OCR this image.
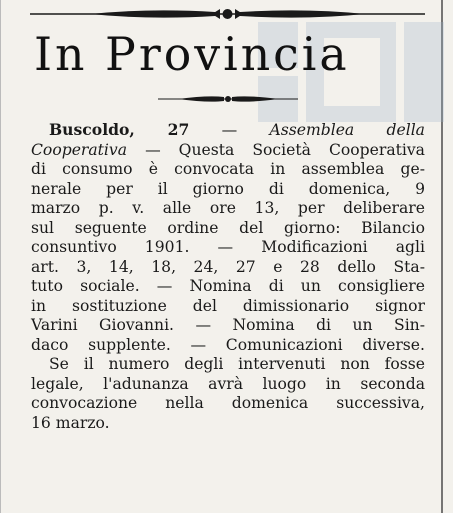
In Provincia
Buscoldo, 27 — Assemblea della
Cooperativa — Questa Società Cooperativa
di consumo è convocata in assemblea ge-
nerale per il giorno di domenica, 9
marzo p. v. alle ore 13, per deliberare
sul seguente ordine del giorno: Bilancio
consuntivo 1901. — Modificazioni agli
art. 3, 14, 18, 24, 27 e 28 dello Sta-
tuto sociale. — Nomina di un consigliere
in sostituzione del dimissionario signor
Varini Giovanni. — Nomina di un Sin-
daco supplente. — Comunicazioni diverse.
Se il numero degli intervenuti non fosse
legale, l'adunanza avrà luogo in seconda
convocazione nella domenica successiva,
16 marzo.
